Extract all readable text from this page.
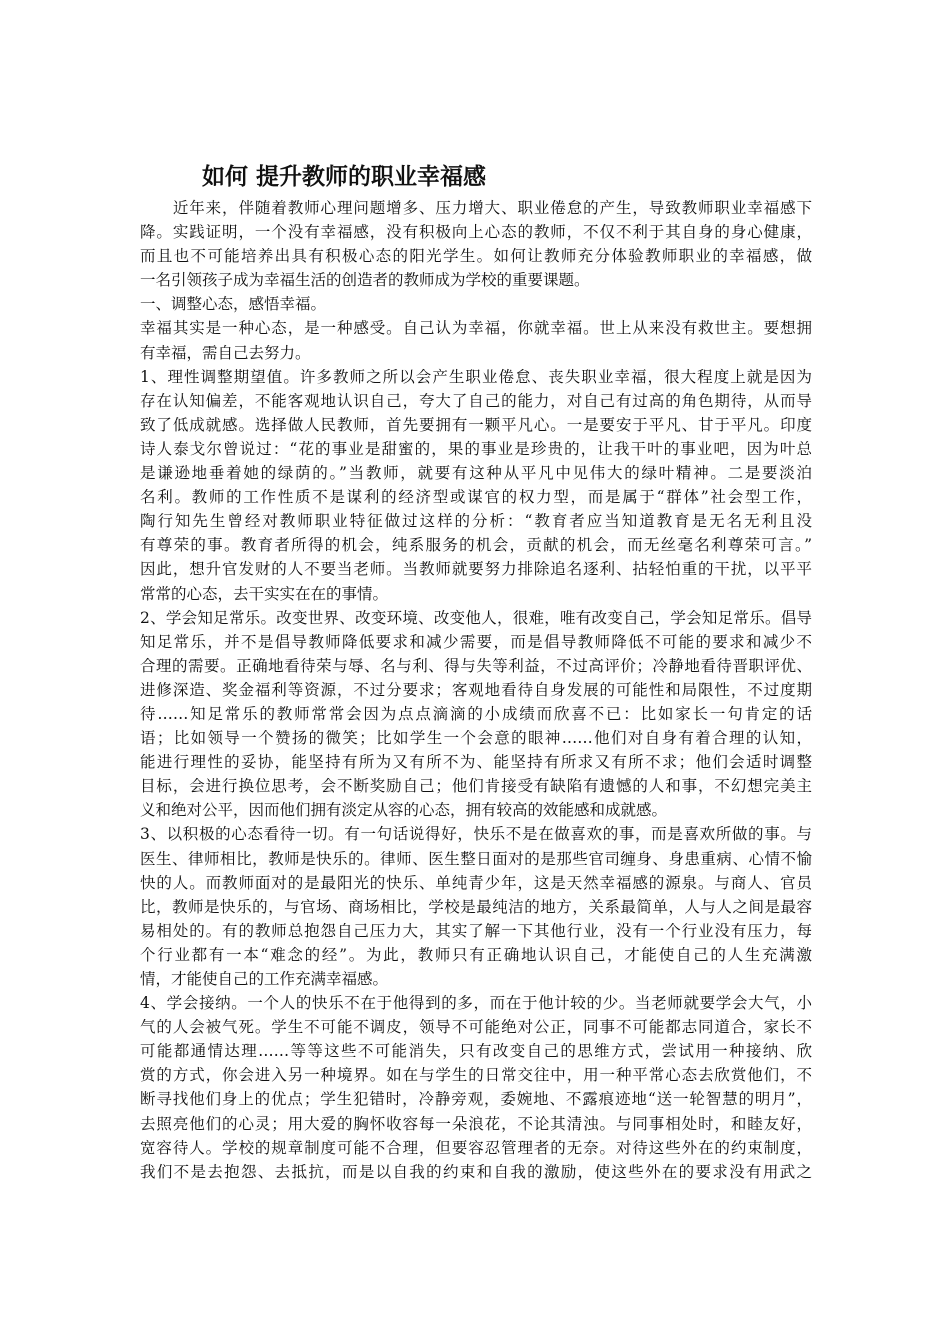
如何 提升教师的职业幸福感
　　近年来，伴随着教师心理问题增多、压力增大、职业倦怠的产生，导致教师职业幸福感下
降。实践证明，一个没有幸福感，没有积极向上心态的教师，不仅不利于其自身的身心健康，
而且也不可能培养出具有积极心态的阳光学生。如何让教师充分体验教师职业的幸福感，做
一名引领孩子成为幸福生活的创造者的教师成为学校的重要课题。
一、调整心态，感悟幸福。
幸福其实是一种心态，是一种感受。自己认为幸福，你就幸福。世上从来没有救世主。要想拥
有幸福，需自己去努力。
1、理性调整期望值。许多教师之所以会产生职业倦怠、丧失职业幸福，很大程度上就是因为
存在认知偏差，不能客观地认识自己，夸大了自己的能力，对自己有过高的角色期待，从而导
致了低成就感。选择做人民教师，首先要拥有一颗平凡心。一是要安于平凡、甘于平凡。印度
诗人泰戈尔曾说过：“花的事业是甜蜜的，果的事业是珍贵的，让我干叶的事业吧，因为叶总
是谦逊地垂着她的绿荫的。”当教师，就要有这种从平凡中见伟大的绿叶精神。二是要淡泊
名利。教师的工作性质不是谋利的经济型或谋官的权力型，而是属于“群体”社会型工作，
陶行知先生曾经对教师职业特征做过这样的分析：“教育者应当知道教育是无名无利且没
有尊荣的事。教育者所得的机会，纯系服务的机会，贡献的机会，而无丝毫名利尊荣可言。”
因此，想升官发财的人不要当老师。当教师就要努力排除追名逐利、拈轻怕重的干扰，以平平
常常的心态，去干实实在在的事情。
2、学会知足常乐。改变世界、改变环境、改变他人，很难，唯有改变自己，学会知足常乐。倡导
知足常乐，并不是倡导教师降低要求和减少需要，而是倡导教师降低不可能的要求和减少不
合理的需要。正确地看待荣与辱、名与利、得与失等利益，不过高评价；冷静地看待晋职评优、
进修深造、奖金福利等资源，不过分要求；客观地看待自身发展的可能性和局限性，不过度期
待……知足常乐的教师常常会因为点点滴滴的小成绩而欣喜不已：比如家长一句肯定的话
语；比如领导一个赞扬的微笑；比如学生一个会意的眼神……他们对自身有着合理的认知，
能进行理性的妥协，能坚持有所为又有所不为、能坚持有所求又有所不求；他们会适时调整
目标，会进行换位思考，会不断奖励自己；他们肯接受有缺陷有遗憾的人和事，不幻想完美主
义和绝对公平，因而他们拥有淡定从容的心态，拥有较高的效能感和成就感。
3、以积极的心态看待一切。有一句话说得好，快乐不是在做喜欢的事，而是喜欢所做的事。与
医生、律师相比，教师是快乐的。律师、医生整日面对的是那些官司缠身、身患重病、心情不愉
快的人。而教师面对的是最阳光的快乐、单纯青少年，这是天然幸福感的源泉。与商人、官员
比，教师是快乐的，与官场、商场相比，学校是最纯洁的地方，关系最简单，人与人之间是最容
易相处的。有的教师总抱怨自己压力大，其实了解一下其他行业，没有一个行业没有压力，每
个行业都有一本“难念的经”。为此，教师只有正确地认识自己，才能使自己的人生充满激
情，才能使自己的工作充满幸福感。
4、学会接纳。一个人的快乐不在于他得到的多，而在于他计较的少。当老师就要学会大气，小
气的人会被气死。学生不可能不调皮，领导不可能绝对公正，同事不可能都志同道合，家长不
可能都通情达理……等等这些不可能消失，只有改变自己的思维方式，尝试用一种接纳、欣
赏的方式，你会进入另一种境界。如在与学生的日常交往中，用一种平常心态去欣赏他们，不
断寻找他们身上的优点；学生犯错时，冷静旁观，委婉地、不露痕迹地“送一轮智慧的明月”，
去照亮他们的心灵；用大爱的胸怀收容每一朵浪花，不论其清浊。与同事相处时，和睦友好，
宽容待人。学校的规章制度可能不合理，但要容忍管理者的无奈。对待这些外在的约束制度，
我们不是去抱怨、去抵抗，而是以自我的约束和自我的激励，使这些外在的要求没有用武之
